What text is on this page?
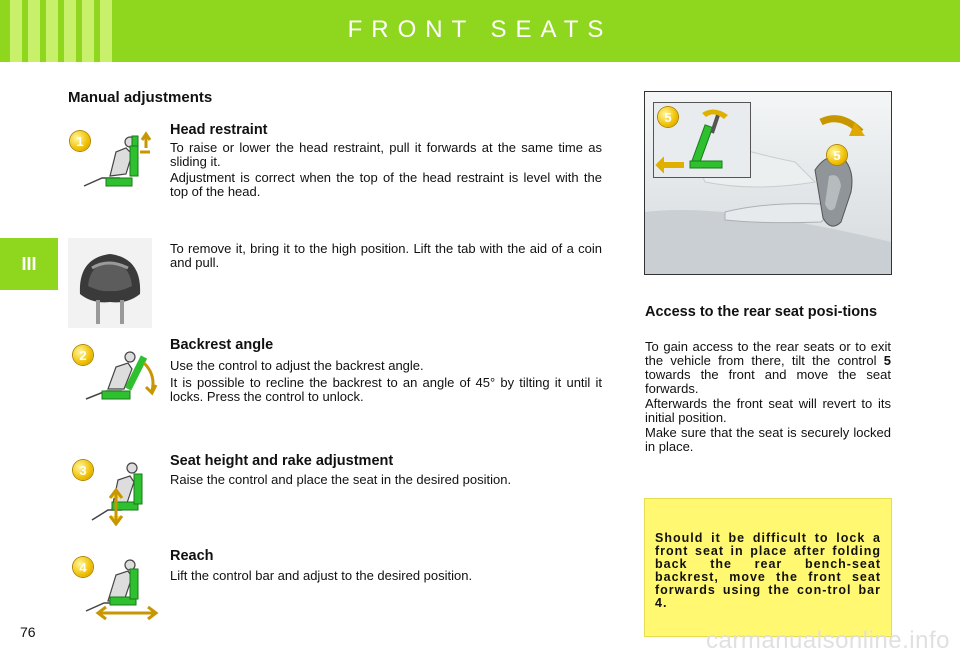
FRONT SEATS
III
Manual adjustments
1
Head restraint
To raise or lower the head restraint, pull it forwards at the same time as sliding it.
Adjustment is correct when the top of the head restraint is level with the top of the head.
To remove it, bring it to the high position. Lift the tab with the aid of a coin and pull.
2
Backrest angle
Use the control to adjust the backrest angle.
It is possible to recline the backrest to an angle of 45° by tilting it until it locks. Press the control to unlock.
3
Seat height and rake adjustment
Raise the control and place the seat in the desired position.
4
Reach
Lift the control bar and adjust to the desired position.
5
5
Access to the rear seat posi-tions
To gain access to the rear seats or to exit the vehicle from there, tilt the control 5 towards the front and move the seat forwards.
Afterwards the front seat will revert to its initial position.
Make sure that the seat is securely locked in place.
Should it be difficult to lock a front seat in place after folding back the rear bench-seat backrest, move the front seat forwards using the con-trol bar 4.
76	carmanualsonline.info
